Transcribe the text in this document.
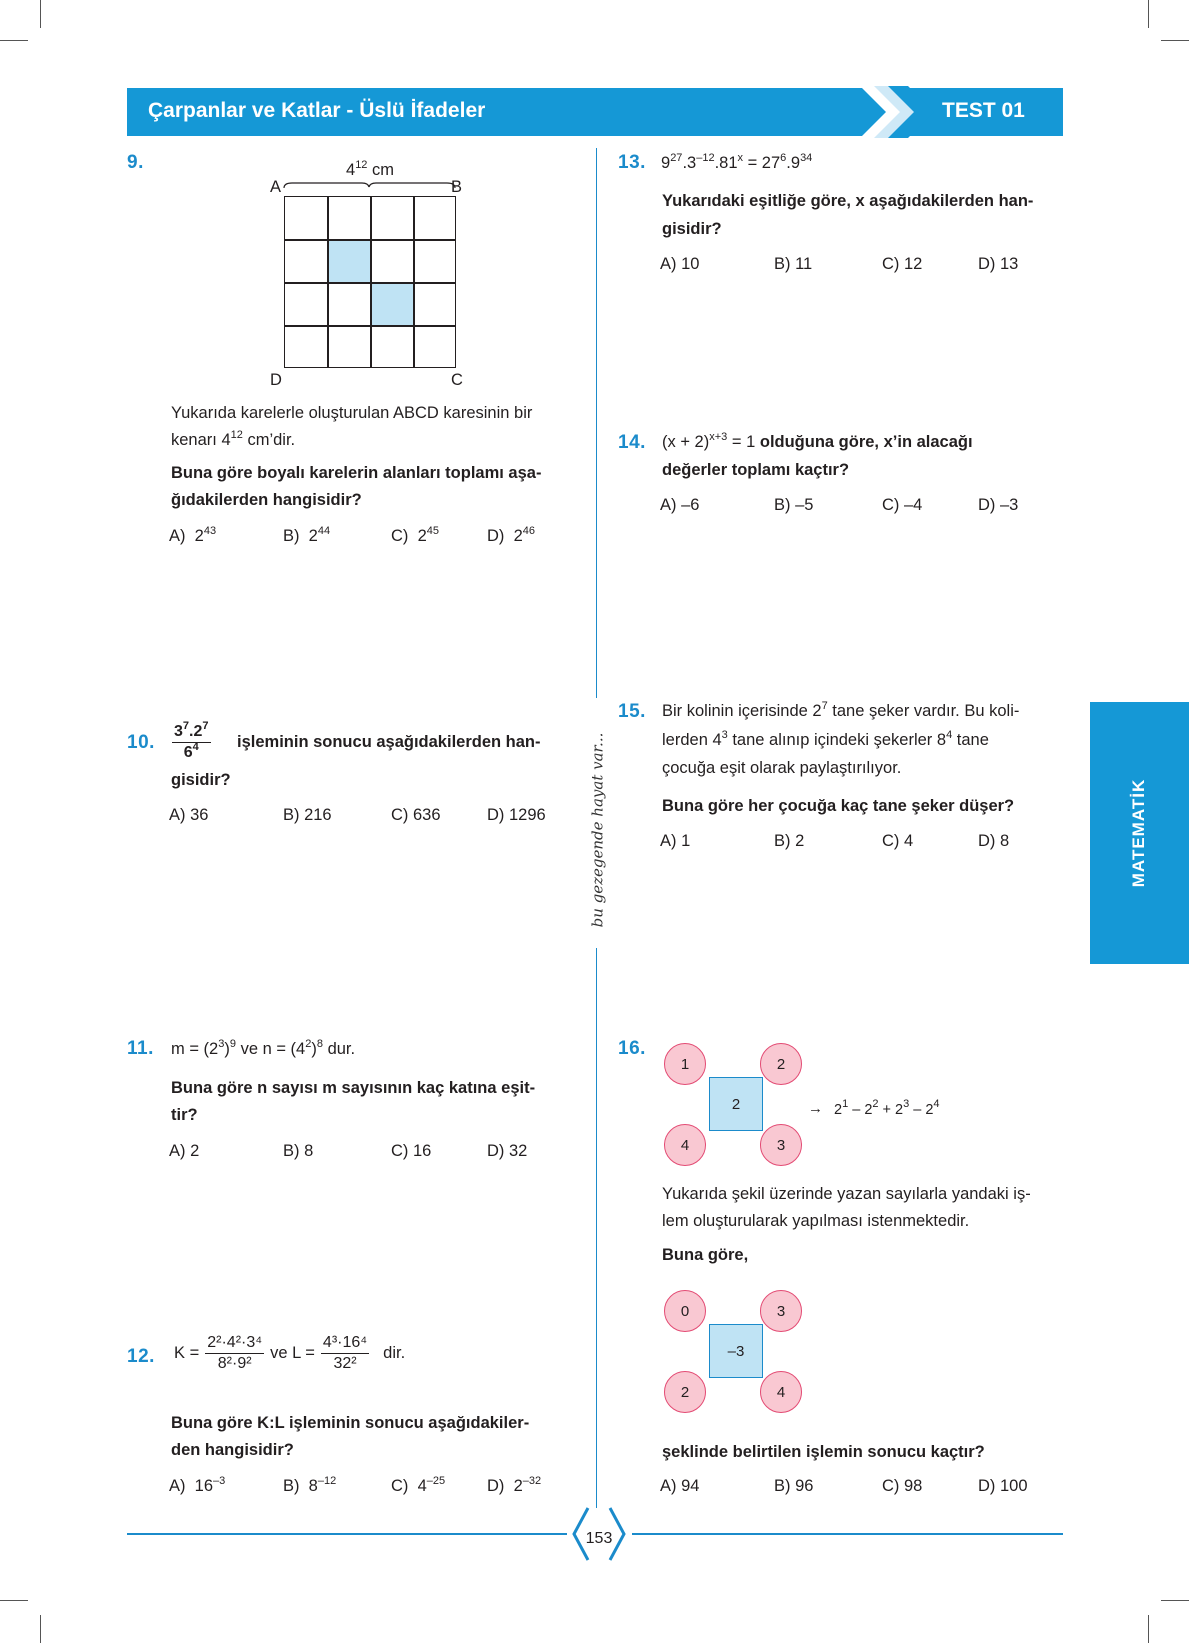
Çarpanlar ve Katlar - Üslü İfadeler	TEST 01
bu gezegende hayat var...	MATEMATİK
9.	$4^{12}$ cm
A	B
D	C
Yukarıda karelerle oluşturulan ABCD karesinin bir
kenarı $4^{12}$ cm’dir.
Buna göre boyalı karelerin alanları toplamı aşa-
ğıdakilerden hangisidir?
A) $2^{43}$	B) $2^{44}$	C) $2^{45}$	D) $2^{46}$
10. $\frac{3^7.2^7}{6^4}$ işleminin sonucu aşağıdakilerden han-
gisidir?
A) 36	B) 216	C) 636	D) 1296
11. $m = (2^3)^9$ ve $n = (4^2)^8$ dur.
Buna göre n sayısı m sayısının kaç katına eşit-
tir?
A) 2	B) 8	C) 16	D) 32
12. $K = \frac{\text{2²·4²·3⁴}}{\text{8²·9²}}$ ve $L = \frac{\text{4³·16⁴}}{\text{32²}}$ dir.
Buna göre K:L işleminin sonucu aşağıdakiler-
den hangisidir?
A) $16^{-3}$	B) $8^{-12}$	C) $4^{-25}$	D) $2^{-32}$
13. $9^{27}.3^{-12}.81^x = 27^6.9^{34}$
Yukarıdaki eşitliğe göre, x aşağıdakilerden han-
gisidir?
A) 10	B) 11	C) 12	D) 13
14. $(x + 2)^{x+3} = 1$ olduğuna göre, x’in alacağı
değerler toplamı kaçtır?
A) –6	B) –5	C) –4	D) –3
15. Bir kolinin içerisinde $2^7$ tane şeker vardır. Bu koli-
lerden $4^3$ tane alınıp içindeki şekerler $8^4$ tane
çocuğa eşit olarak paylaştırılıyor.
Buna göre her çocuğa kaç tane şeker düşer?
A) 1	B) 2	C) 4	D) 8
16.
2
1	2
4	3
→ $2^1 - 2^2 + 2^3 - 2^4$
Yukarıda şekil üzerinde yazan sayılarla yandaki iş-
lem oluşturularak yapılması istenmektedir.
Buna göre,
–3
0	3
2	4
şeklinde belirtilen işlemin sonucu kaçtır?
A) 94	B) 96	C) 98	D) 100
153
